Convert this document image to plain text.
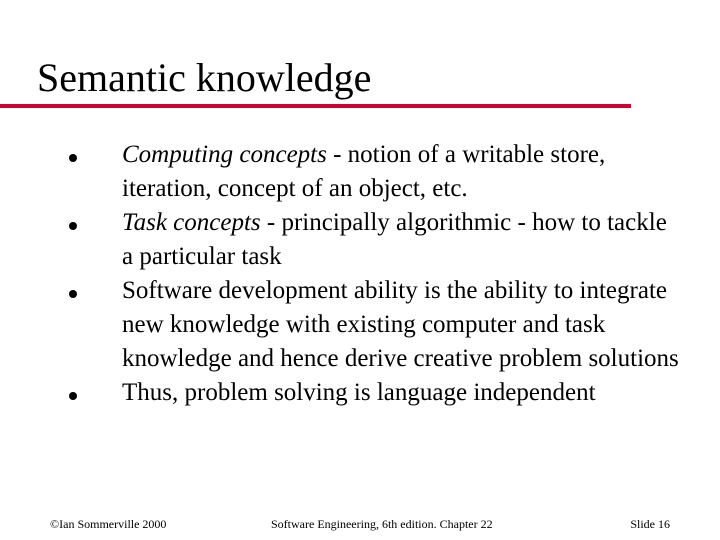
Semantic knowledge
Computing concepts - notion of a writable store, iteration, concept of an object, etc.
Task concepts - principally algorithmic - how to tackle a particular task
Software development ability is the ability to integrate new knowledge with existing computer and task knowledge and hence derive creative problem solutions
Thus, problem solving is language independent
©Ian Sommerville 2000	Software Engineering, 6th edition. Chapter 22	Slide 16
